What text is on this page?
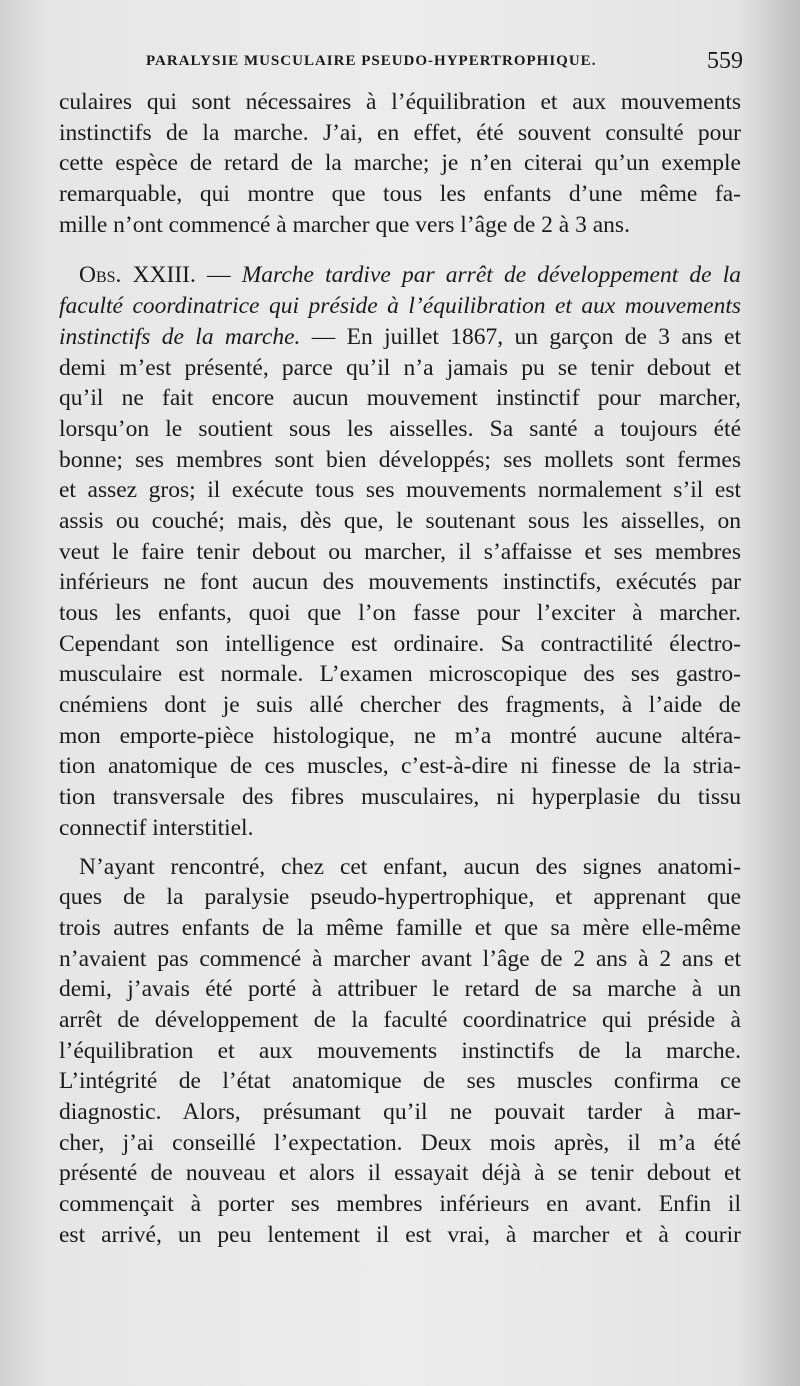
PARALYSIE MUSCULAIRE PSEUDO-HYPERTROPHIQUE.	559
culaires qui sont nécessaires à l’équilibration et aux mouvements
instinctifs de la marche. J’ai, en effet, été souvent consulté pour
cette espèce de retard de la marche; je n’en citerai qu’un exemple
remarquable, qui montre que tous les enfants d’une même fa-
mille n’ont commencé à marcher que vers l’âge de 2 à 3 ans.
Obs. XXIII. — Marche tardive par arrêt de développement de la
faculté coordinatrice qui préside à l’équilibration et aux mouvements
instinctifs de la marche. — En juillet 1867, un garçon de 3 ans et
demi m’est présenté, parce qu’il n’a jamais pu se tenir debout et
qu’il ne fait encore aucun mouvement instinctif pour marcher,
lorsqu’on le soutient sous les aisselles. Sa santé a toujours été
bonne; ses membres sont bien développés; ses mollets sont fermes
et assez gros; il exécute tous ses mouvements normalement s’il est
assis ou couché; mais, dès que, le soutenant sous les aisselles, on
veut le faire tenir debout ou marcher, il s’affaisse et ses membres
inférieurs ne font aucun des mouvements instinctifs, exécutés par
tous les enfants, quoi que l’on fasse pour l’exciter à marcher.
Cependant son intelligence est ordinaire. Sa contractilité électro-
musculaire est normale. L’examen microscopique des ses gastro-
cnémiens dont je suis allé chercher des fragments, à l’aide de
mon emporte-pièce histologique, ne m’a montré aucune altéra-
tion anatomique de ces muscles, c’est-à-dire ni finesse de la stria-
tion transversale des fibres musculaires, ni hyperplasie du tissu
connectif interstitiel.
N’ayant rencontré, chez cet enfant, aucun des signes anatomi-
ques de la paralysie pseudo-hypertrophique, et apprenant que
trois autres enfants de la même famille et que sa mère elle-même
n’avaient pas commencé à marcher avant l’âge de 2 ans à 2 ans et
demi, j’avais été porté à attribuer le retard de sa marche à un
arrêt de développement de la faculté coordinatrice qui préside à
l’équilibration et aux mouvements instinctifs de la marche.
L’intégrité de l’état anatomique de ses muscles confirma ce
diagnostic. Alors, présumant qu’il ne pouvait tarder à mar-
cher, j’ai conseillé l’expectation. Deux mois après, il m’a été
présenté de nouveau et alors il essayait déjà à se tenir debout et
commençait à porter ses membres inférieurs en avant. Enfin il
est arrivé, un peu lentement il est vrai, à marcher et à courir
